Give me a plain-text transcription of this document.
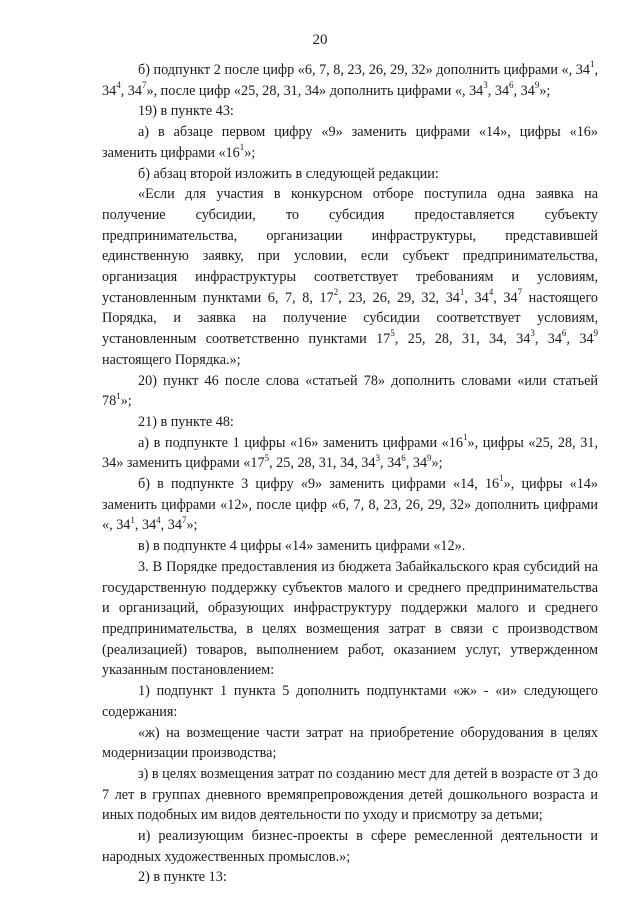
20

б) подпункт 2 после цифр «6, 7, 8, 23, 26, 29, 32» дополнить цифрами «, $34^1$, $34^4$, $34^7$», после цифр «25, 28, 31, 34» дополнить цифрами «, $34^3$, $34^6$, $34^9$»;

19) в пункте 43:

а) в абзаце первом цифру «9» заменить цифрами «14», цифры «16» заменить цифрами «$16^1$»;

б) абзац второй изложить в следующей редакции:

«Если для участия в конкурсном отборе поступила одна заявка на получение субсидии, то субсидия предоставляется субъекту предпринимательства, организации инфраструктуры, представившей единственную заявку, при условии, если субъект предпринимательства, организация инфраструктуры соответствует требованиям и условиям, установленным пунктами 6, 7, 8, $17^2$, 23, 26, 29, 32, $34^1$, $34^4$, $34^7$ настоящего Порядка, и заявка на получение субсидии соответствует условиям, установленным соответственно пунктами $17^5$, 25, 28, 31, 34, $34^3$, $34^6$, $34^9$ настоящего Порядка.»;

20) пункт 46 после слова «статьей 78» дополнить словами «или статьей $78^1$»;

21) в пункте 48:

а) в подпункте 1 цифры «16» заменить цифрами «$16^1$», цифры «25, 28, 31, 34» заменить цифрами «$17^5$, 25, 28, 31, 34, $34^3$, $34^6$, $34^9$»;

б) в подпункте 3 цифру «9» заменить цифрами «14, $16^1$», цифры «14» заменить цифрами «12», после цифр «6, 7, 8, 23, 26, 29, 32» дополнить цифрами «, $34^1$, $34^4$, $34^7$»;

в) в подпункте 4 цифры «14» заменить цифрами «12».

3. В Порядке предоставления из бюджета Забайкальского края субсидий на государственную поддержку субъектов малого и среднего предпринимательства и организаций, образующих инфраструктуру поддержки малого и среднего предпринимательства, в целях возмещения затрат в связи с производством (реализацией) товаров, выполнением работ, оказанием услуг, утвержденном указанным постановлением:

1) подпункт 1 пункта 5 дополнить подпунктами «ж» - «и» следующего содержания:

«ж) на возмещение части затрат на приобретение оборудования в целях модернизации производства;

з) в целях возмещения затрат по созданию мест для детей в возрасте от 3 до 7 лет в группах дневного времяпрепровождения детей дошкольного возраста и иных подобных им видов деятельности по уходу и присмотру за детьми;

и) реализующим бизнес-проекты в сфере ремесленной деятельности и народных художественных промыслов.»;

2) в пункте 13:
